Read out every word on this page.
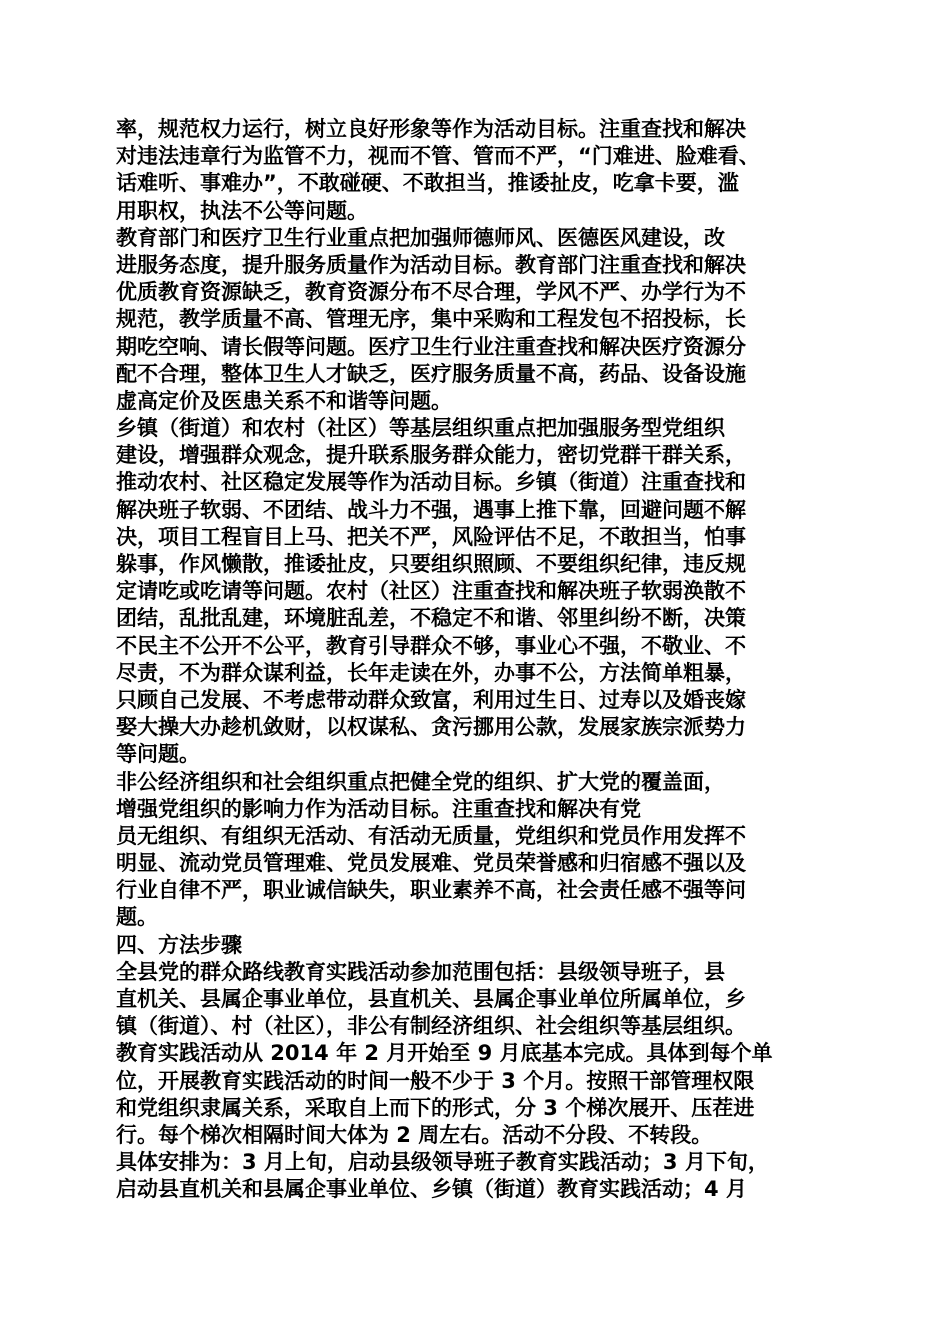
率，规范权力运行，树立良好形象等作为活动目标。注重查找和解决
对违法违章行为监管不力，视而不管、管而不严，“门难进、脸难看、
话难听、事难办”，不敢碰硬、不敢担当，推诿扯皮，吃拿卡要，滥
用职权，执法不公等问题。
教育部门和医疗卫生行业重点把加强师德师风、医德医风建设，改
进服务态度，提升服务质量作为活动目标。教育部门注重查找和解决
优质教育资源缺乏，教育资源分布不尽合理，学风不严、办学行为不
规范，教学质量不高、管理无序，集中采购和工程发包不招投标，长
期吃空响、请长假等问题。医疗卫生行业注重查找和解决医疗资源分
配不合理，整体卫生人才缺乏，医疗服务质量不高，药品、设备设施
虚高定价及医患关系不和谐等问题。
乡镇（街道）和农村（社区）等基层组织重点把加强服务型党组织
建设，增强群众观念，提升联系服务群众能力，密切党群干群关系，
推动农村、社区稳定发展等作为活动目标。乡镇（街道）注重查找和
解决班子软弱、不团结、战斗力不强，遇事上推下靠，回避问题不解
决，项目工程盲目上马、把关不严，风险评估不足，不敢担当，怕事
躲事，作风懒散，推诿扯皮，只要组织照顾、不要组织纪律，违反规
定请吃或吃请等问题。农村（社区）注重查找和解决班子软弱涣散不
团结，乱批乱建，环境脏乱差，不稳定不和谐、邻里纠纷不断，决策
不民主不公开不公平，教育引导群众不够，事业心不强，不敬业、不
尽责，不为群众谋利益，长年走读在外，办事不公，方法简单粗暴，
只顾自己发展、不考虑带动群众致富，利用过生日、过寿以及婚丧嫁
娶大操大办趁机敛财，以权谋私、贪污挪用公款，发展家族宗派势力
等问题。
非公经济组织和社会组织重点把健全党的组织、扩大党的覆盖面，
增强党组织的影响力作为活动目标。注重查找和解决有党
员无组织、有组织无活动、有活动无质量，党组织和党员作用发挥不
明显、流动党员管理难、党员发展难、党员荣誉感和归宿感不强以及
行业自律不严，职业诚信缺失，职业素养不高，社会责任感不强等问
题。
四、方法步骤
全县党的群众路线教育实践活动参加范围包括：县级领导班子，县
直机关、县属企事业单位，县直机关、县属企事业单位所属单位，乡
镇（街道）、村（社区），非公有制经济组织、社会组织等基层组织。
教育实践活动从 2014 年 2 月开始至 9 月底基本完成。具体到每个单
位，开展教育实践活动的时间一般不少于 3 个月。按照干部管理权限
和党组织隶属关系，采取自上而下的形式，分 3 个梯次展开、压茬进
行。每个梯次相隔时间大体为 2 周左右。活动不分段、不转段。
具体安排为：3 月上旬，启动县级领导班子教育实践活动；3 月下旬，
启动县直机关和县属企事业单位、乡镇（街道）教育实践活动；4 月
